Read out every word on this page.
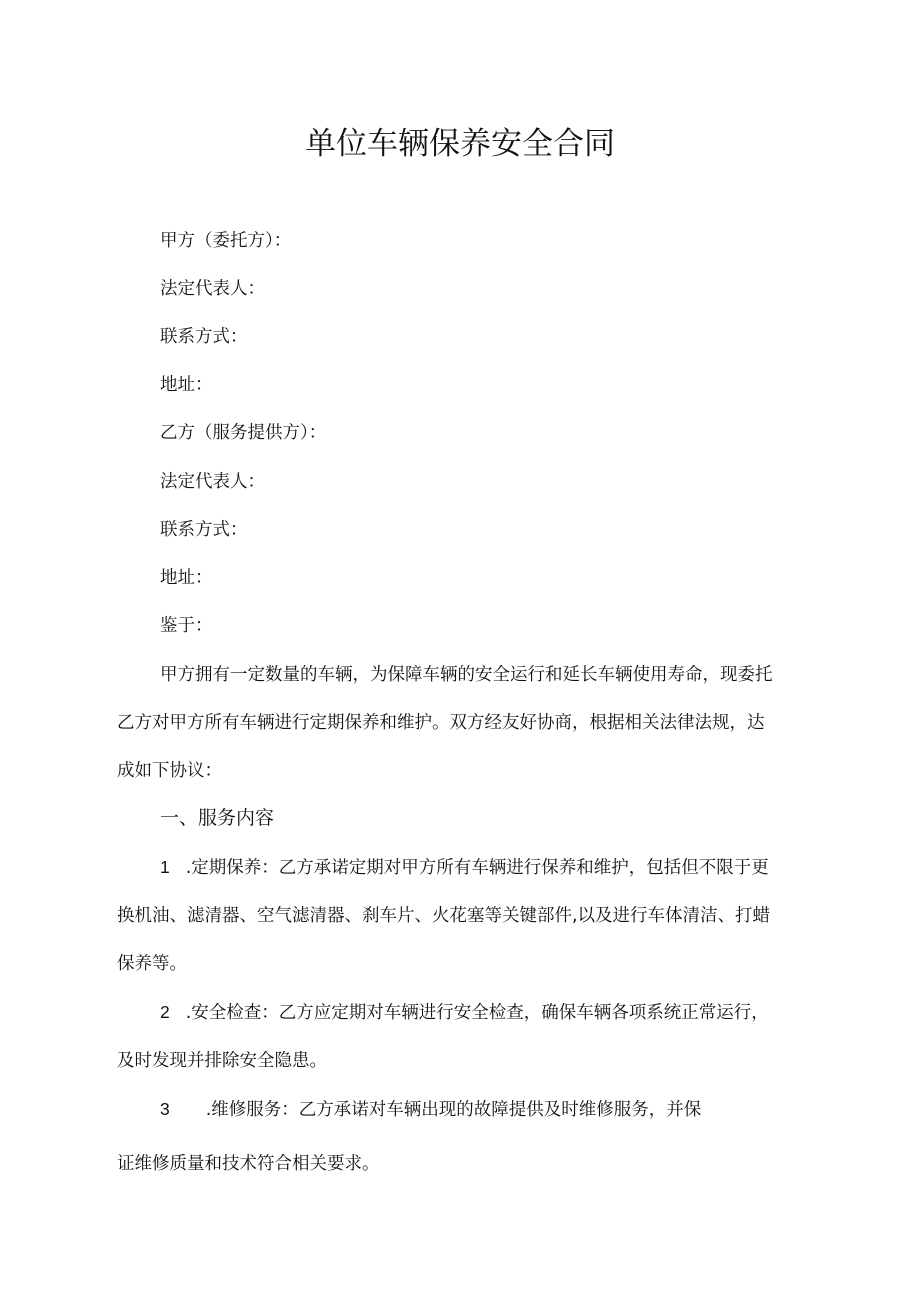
单位车辆保养安全合同
甲方（委托方）：
法定代表人：
联系方式：
地址：
乙方（服务提供方）：
法定代表人：
联系方式：
地址：
鉴于：
甲方拥有一定数量的车辆，为保障车辆的安全运行和延长车辆使用寿命，现委托
乙方对甲方所有车辆进行定期保养和维护。双方经友好协商，根据相关法律法规，达
成如下协议：
一、服务内容
1 .定期保养：乙方承诺定期对甲方所有车辆进行保养和维护，包括但不限于更
换机油、滤清器、空气滤清器、刹车片、火花塞等关键部件,以及进行车体清洁、打蜡
保养等。
2 .安全检查：乙方应定期对车辆进行安全检查，确保车辆各项系统正常运行，
及时发现并排除安全隐患。
3 .维修服务：乙方承诺对车辆出现的故障提供及时维修服务，并保
证维修质量和技术符合相关要求。
